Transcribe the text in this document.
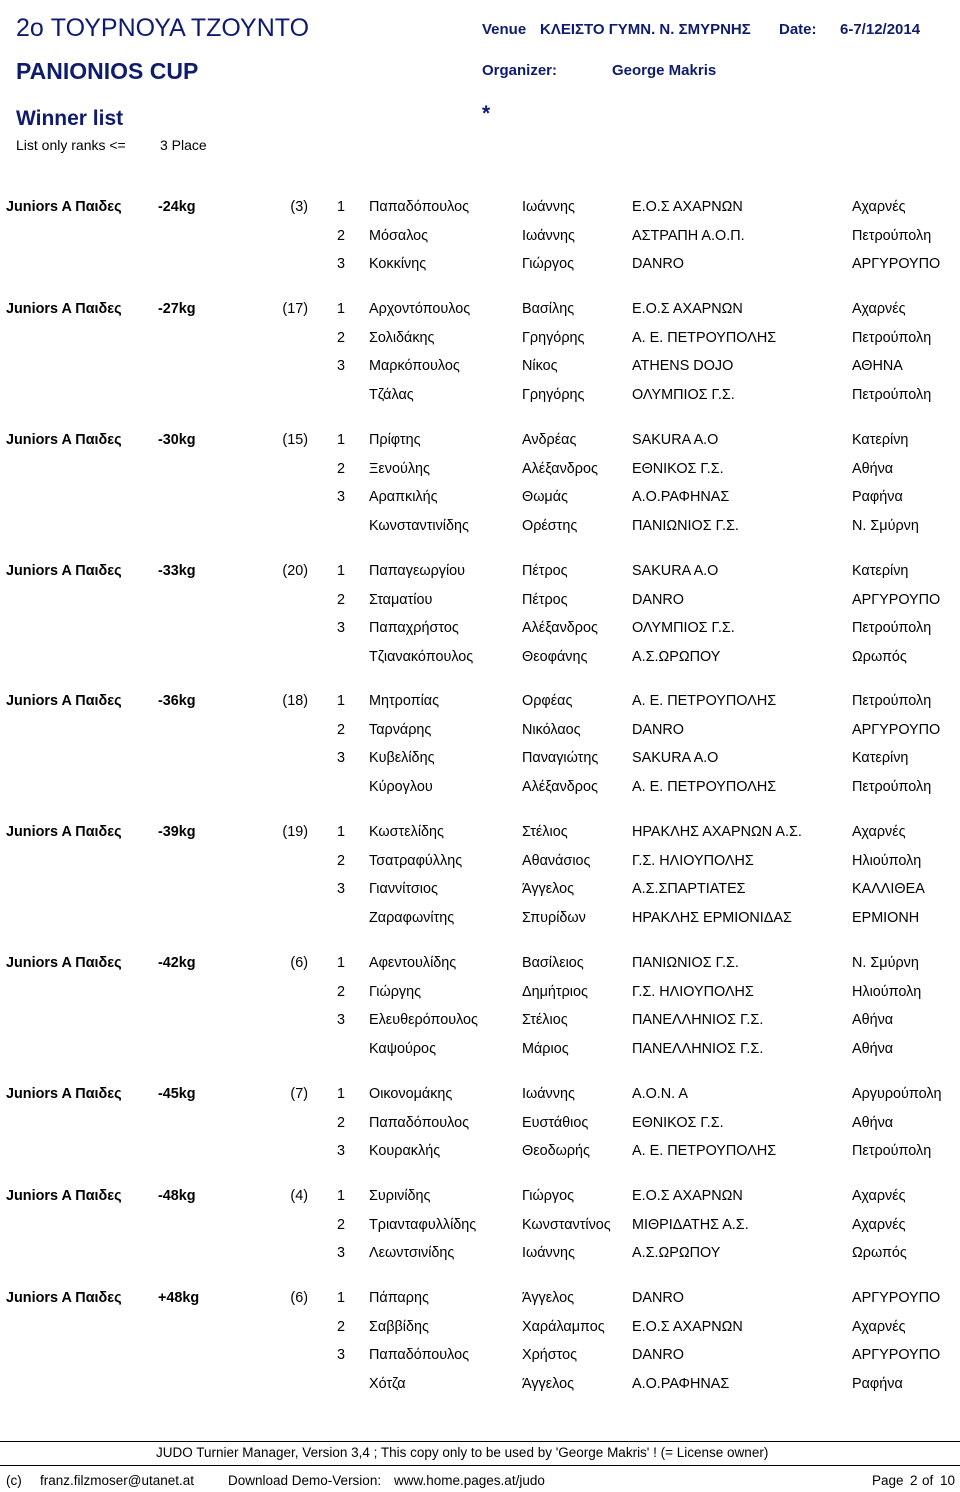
2o ΤΟΥΡΝΟΥΑ ΤΖΟΥΝΤΟ
PANIONIOS CUP
Venue ΚΛΕΙΣΤΟ ΓΥΜΝ. Ν. ΣΜΥΡΝΗΣ Date: 6-7/12/2014
Organizer:	George Makris
Winner list	*
List only ranks <= 3 Place
Juniors A Παιδες	-24kg	(3) 1 Παπαδόπουλος	Ιωάννης	Ε.Ο.Σ ΑΧΑΡΝΩΝ	Αχαρνές
2 Μόσαλος	Ιωάννης	ΑΣΤΡΑΠΗ Α.Ο.Π.	Πετρούπολη
3 Κοκκίνης	Γιώργος	DANRO	ΑΡΓΥΡΟΥΠΟ
Juniors A Παιδες	-27kg	(17) 1 Αρχοντόπουλος	Βασίλης	Ε.Ο.Σ ΑΧΑΡΝΩΝ	Αχαρνές
2 Σολιδάκης	Γρηγόρης	Α. Ε. ΠΕΤΡΟΥΠΟΛΗΣ	Πετρούπολη
3 Μαρκόπουλος	Νίκος	ATHENS DOJO	ΑΘΗΝΑ
Τζάλας	Γρηγόρης	ΟΛΥΜΠΙΟΣ Γ.Σ.	Πετρούπολη
Juniors A Παιδες	-30kg	(15) 1 Πρίφτης	Ανδρέας	SAKURA A.O	Κατερίνη
2 Ξενούλης	Αλέξανδρος ΕΘΝΙΚΟΣ Γ.Σ.	Αθήνα
3 Αραπκιλής	Θωμάς	Α.Ο.ΡΑΦΗΝΑΣ	Ραφήνα
Κωνσταντινίδης	Ορέστης	ΠΑΝΙΩΝΙΟΣ Γ.Σ.	Ν. Σμύρνη
Juniors A Παιδες	-33kg	(20) 1 Παπαγεωργίου	Πέτρος	SAKURA A.O	Κατερίνη
2 Σταματίου	Πέτρος	DANRO	ΑΡΓΥΡΟΥΠΟ
3 Παπαχρήστος	Αλέξανδρος ΟΛΥΜΠΙΟΣ Γ.Σ.	Πετρούπολη
Τζιανακόπουλος	Θεοφάνης	Α.Σ.ΩΡΩΠΟΥ	Ωρωπός
Juniors A Παιδες	-36kg	(18) 1 Μητροπίας	Ορφέας	Α. Ε. ΠΕΤΡΟΥΠΟΛΗΣ	Πετρούπολη
2 Ταρνάρης	Νικόλαος	DANRO	ΑΡΓΥΡΟΥΠΟ
3 Κυβελίδης	Παναγιώτης SAKURA A.O	Κατερίνη
Κύρογλου	Αλέξανδρος Α. Ε. ΠΕΤΡΟΥΠΟΛΗΣ	Πετρούπολη
Juniors A Παιδες	-39kg	(19) 1 Κωστελίδης	Στέλιος	ΗΡΑΚΛΗΣ ΑΧΑΡΝΩΝ Α.Σ.	Αχαρνές
2 Τσατραφύλλης	Αθανάσιος	Γ.Σ. ΗΛΙΟΥΠΟΛΗΣ	Ηλιούπολη
3 Γιαννίτσιος	Άγγελος	Α.Σ.ΣΠΑΡΤΙΑΤΕΣ	ΚΑΛΛΙΘΕΑ
Ζαραφωνίτης	Σπυρίδων	ΗΡΑΚΛΗΣ ΕΡΜΙΟΝΙΔΑΣ	ΕΡΜΙΟΝΗ
Juniors A Παιδες	-42kg	(6) 1 Αφεντουλίδης	Βασίλειος	ΠΑΝΙΩΝΙΟΣ Γ.Σ.	Ν. Σμύρνη
2 Γιώργης	Δημήτριος	Γ.Σ. ΗΛΙΟΥΠΟΛΗΣ	Ηλιούπολη
3 Ελευθερόπουλος	Στέλιος	ΠΑΝΕΛΛΗΝΙΟΣ Γ.Σ.	Αθήνα
Καψούρος	Μάριος	ΠΑΝΕΛΛΗΝΙΟΣ Γ.Σ.	Αθήνα
Juniors A Παιδες	-45kg	(7) 1 Οικονομάκης	Ιωάννης	Α.Ο.Ν. Α	Αργυρούπολη
2 Παπαδόπουλος	Ευστάθιος	ΕΘΝΙΚΟΣ Γ.Σ.	Αθήνα
3 Κουρακλής	Θεοδωρής	Α. Ε. ΠΕΤΡΟΥΠΟΛΗΣ	Πετρούπολη
Juniors A Παιδες	-48kg	(4) 1 Συρινίδης	Γιώργος	Ε.Ο.Σ ΑΧΑΡΝΩΝ	Αχαρνές
2 Τριανταφυλλίδης	Κωνσταντίνος ΜΙΘΡΙΔΑΤΗΣ Α.Σ.	Αχαρνές
3 Λεωντσινίδης	Ιωάννης	Α.Σ.ΩΡΩΠΟΥ	Ωρωπός
Juniors A Παιδες	+48kg	(6) 1 Πάπαρης	Άγγελος	DANRO	ΑΡΓΥΡΟΥΠΟ
2 Σαββίδης	Χαράλαμπος Ε.Ο.Σ ΑΧΑΡΝΩΝ	Αχαρνές
3 Παπαδόπουλος	Χρήστος	DANRO	ΑΡΓΥΡΟΥΠΟ
Χότζα	Άγγελος	Α.Ο.ΡΑΦΗΝΑΣ	Ραφήνα
JUDO Turnier Manager, Version 3,4 ; This copy only to be used by 'George Makris' ! (= License owner)
(c) franz.filzmoser@utanet.at	Download Demo-Version: www.home.pages.at/judo	Page 2 of 10
